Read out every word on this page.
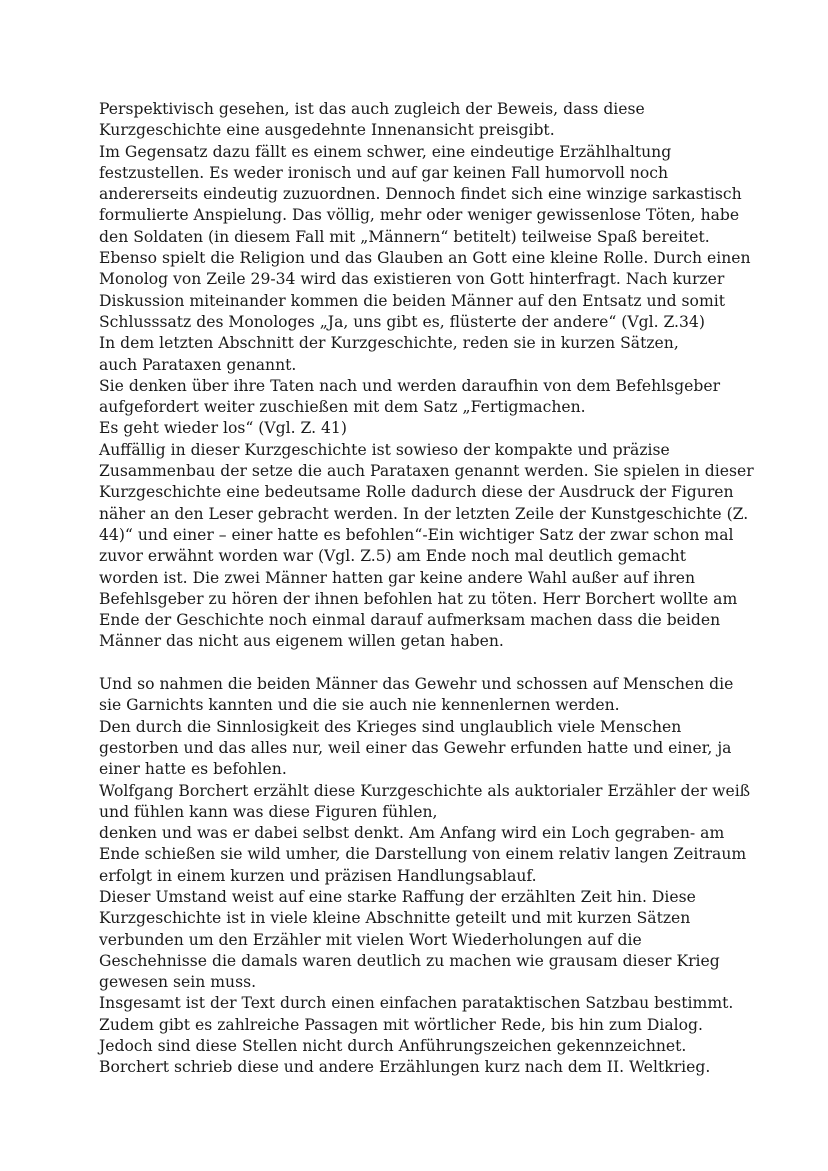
Perspektivisch gesehen, ist das auch zugleich der Beweis, dass diese
Kurzgeschichte eine ausgedehnte Innenansicht preisgibt.
Im Gegensatz dazu fällt es einem schwer, eine eindeutige Erzählhaltung
festzustellen. Es weder ironisch und auf gar keinen Fall humorvoll noch
andererseits eindeutig zuzuordnen. Dennoch findet sich eine winzige sarkastisch
formulierte Anspielung. Das völlig, mehr oder weniger gewissenlose Töten, habe
den Soldaten (in diesem Fall mit „Männern“ betitelt) teilweise Spaß bereitet.
Ebenso spielt die Religion und das Glauben an Gott eine kleine Rolle. Durch einen
Monolog von Zeile 29-34 wird das existieren von Gott hinterfragt. Nach kurzer
Diskussion miteinander kommen die beiden Männer auf den Entsatz und somit
Schlusssatz des Monologes „Ja, uns gibt es, flüsterte der andere“ (Vgl. Z.34)
In dem letzten Abschnitt der Kurzgeschichte, reden sie in kurzen Sätzen,
auch Parataxen genannt.
Sie denken über ihre Taten nach und werden daraufhin von dem Befehlsgeber
aufgefordert weiter zuschießen mit dem Satz „Fertigmachen.
Es geht wieder los“ (Vgl. Z. 41)
Auffällig in dieser Kurzgeschichte ist sowieso der kompakte und präzise
Zusammenbau der setze die auch Parataxen genannt werden. Sie spielen in dieser
Kurzgeschichte eine bedeutsame Rolle dadurch diese der Ausdruck der Figuren
näher an den Leser gebracht werden. In der letzten Zeile der Kunstgeschichte (Z.
44)“ und einer – einer hatte es befohlen“-Ein wichtiger Satz der zwar schon mal
zuvor erwähnt worden war (Vgl. Z.5) am Ende noch mal deutlich gemacht
worden ist. Die zwei Männer hatten gar keine andere Wahl außer auf ihren
Befehlsgeber zu hören der ihnen befohlen hat zu töten. Herr Borchert wollte am
Ende der Geschichte noch einmal darauf aufmerksam machen dass die beiden
Männer das nicht aus eigenem willen getan haben.
Und so nahmen die beiden Männer das Gewehr und schossen auf Menschen die
sie Garnichts kannten und die sie auch nie kennenlernen werden.
Den durch die Sinnlosigkeit des Krieges sind unglaublich viele Menschen
gestorben und das alles nur, weil einer das Gewehr erfunden hatte und einer, ja
einer hatte es befohlen.
Wolfgang Borchert erzählt diese Kurzgeschichte als auktorialer Erzähler der weiß
und fühlen kann was diese Figuren fühlen,
denken und was er dabei selbst denkt. Am Anfang wird ein Loch gegraben- am
Ende schießen sie wild umher, die Darstellung von einem relativ langen Zeitraum
erfolgt in einem kurzen und präzisen Handlungsablauf.
Dieser Umstand weist auf eine starke Raffung der erzählten Zeit hin. Diese
Kurzgeschichte ist in viele kleine Abschnitte geteilt und mit kurzen Sätzen
verbunden um den Erzähler mit vielen Wort Wiederholungen auf die
Geschehnisse die damals waren deutlich zu machen wie grausam dieser Krieg
gewesen sein muss.
Insgesamt ist der Text durch einen einfachen parataktischen Satzbau bestimmt.
Zudem gibt es zahlreiche Passagen mit wörtlicher Rede, bis hin zum Dialog.
Jedoch sind diese Stellen nicht durch Anführungszeichen gekennzeichnet.
Borchert schrieb diese und andere Erzählungen kurz nach dem II. Weltkrieg.
